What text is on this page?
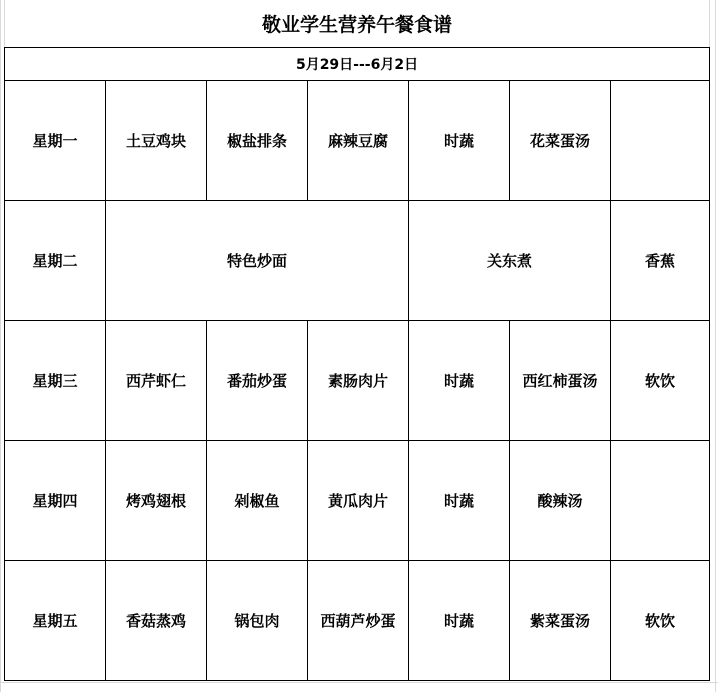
敬业学生营养午餐食谱						
5月29日---6月2日						
星期一	土豆鸡块	椒盐排条	麻辣豆腐	时蔬	花菜蛋汤	
星期二	特色炒面			关东煮		香蕉
星期三	西芹虾仁	番茄炒蛋	素肠肉片	时蔬	西红柿蛋汤	软饮
星期四	烤鸡翅根	剁椒鱼	黄瓜肉片	时蔬	酸辣汤	
星期五	香菇蒸鸡	锅包肉	西葫芦炒蛋	时蔬	紫菜蛋汤	软饮
